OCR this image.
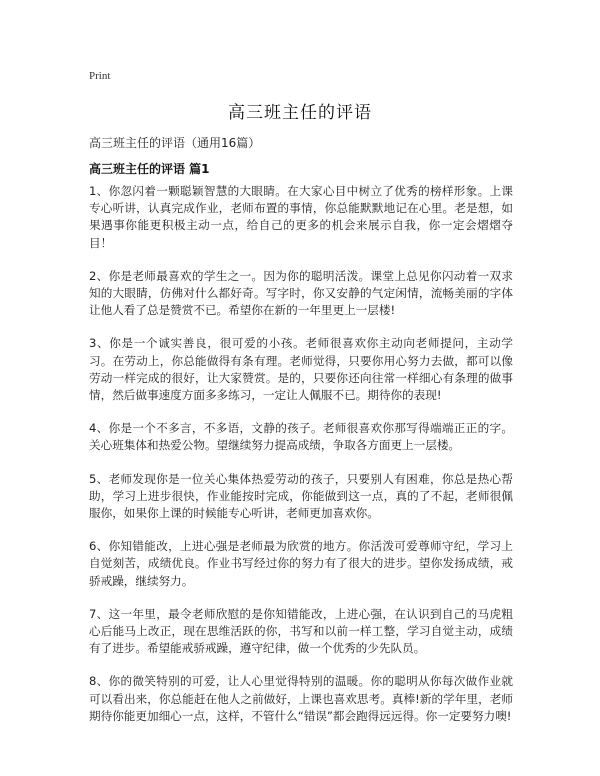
Print
高三班主任的评语

高三班主任的评语（通用16篇）

高三班主任的评语 篇1

1、你忽闪着一颗聪颖智慧的大眼睛。在大家心目中树立了优秀的榜样形象。上课专心听讲，认真完成作业，老师布置的事情，你总能默默地记在心里。老是想，如果遇事你能更积极主动一点，给自己的更多的机会来展示自我，你一定会熠熠夺目！

2、你是老师最喜欢的学生之一。因为你的聪明活泼。课堂上总见你闪动着一双求知的大眼睛，仿佛对什么都好奇。写字时，你又安静的气定闲情，流畅美丽的字体让他人看了总是赞赏不已。希望你在新的一年里更上一层楼!

3、你是一个诚实善良，很可爱的小孩。老师很喜欢你主动向老师提问，主动学习。在劳动上，你总能做得有条有理。老师觉得，只要你用心努力去做，都可以像劳动一样完成的很好，让大家赞赏。是的，只要你还向往常一样细心有条理的做事情，然后做事速度方面多多练习，一定让人佩服不已。期待你的表现!

4、你是一个不多言，不多语，文静的孩子。老师很喜欢你那写得端端正正的字。关心班集体和热爱公物。望继续努力提高成绩，争取各方面更上一层楼。

5、老师发现你是一位关心集体热爱劳动的孩子，只要别人有困难，你总是热心帮助，学习上进步很快，作业能按时完成，你能做到这一点，真的了不起，老师很佩服你，如果你上课的时候能专心听讲，老师更加喜欢你。

6、你知错能改，上进心强是老师最为欣赏的地方。你活泼可爱尊师守纪，学习上自觉刻苦，成绩优良。作业书写经过你的努力有了很大的进步。望你发扬成绩，戒骄戒躁，继续努力。

7、这一年里，最令老师欣慰的是你知错能改，上进心强，在认识到自己的马虎粗心后能马上改正，现在思维活跃的你，书写和以前一样工整，学习自觉主动，成绩有了进步。希望能戒骄戒躁，遵守纪律，做一个优秀的少先队员。

8、你的微笑特别的可爱，让人心里觉得特别的温暖。你的聪明从你每次做作业就可以看出来，你总能赶在他人之前做好，上课也喜欢思考。真棒!新的学年里，老师期待你能更加细心一点，这样，不管什么“错误”都会跑得远远得。你一定要努力噢!
